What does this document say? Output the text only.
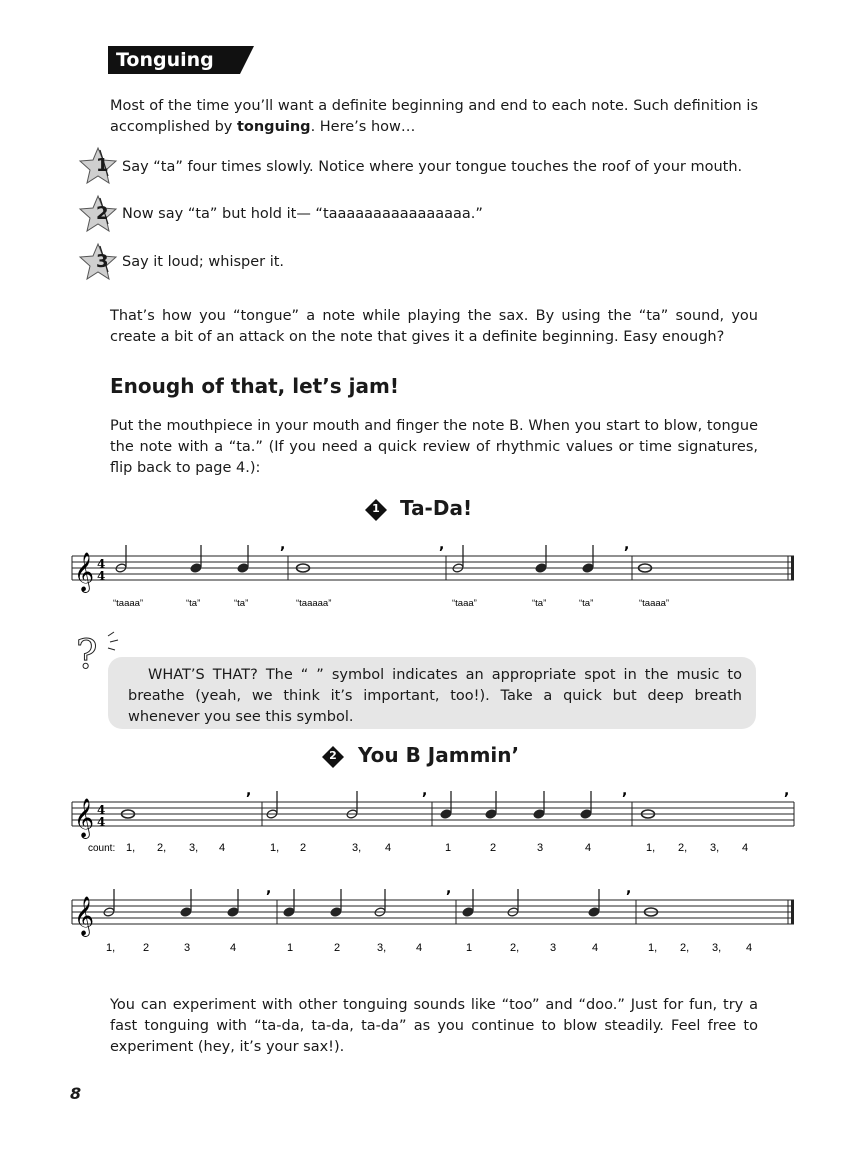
Tonguing
Most of the time you’ll want a definite beginning and end to each note. Such definition is accomplished by tonguing. Here’s how…
1 Say “ta” four times slowly. Notice where your tongue touches the roof of your mouth.
2 Now say “ta” but hold it— “taaaaaaaaaaaaaaaa.”
3 Say it loud; whisper it.
That’s how you “tongue” a note while playing the sax. By using the “ta” sound, you create a bit of an attack on the note that gives it a definite beginning. Easy enough?
Enough of that, let’s jam!
Put the mouthpiece in your mouth and finger the note B. When you start to blow, tongue the note with a “ta.” (If you need a quick review of rhythmic values or time signatures, flip back to page 4.):
1	Ta-Da!
𝄞 4
4
,	,	,
“taaaa”	“ta”	“ta”	“taaaaa”	“taaa”	“ta”	“ta”	“taaaa”
?	WHAT’S THAT? The “ ” symbol indicates an appropriate spot in the music to breathe (yeah, we think it’s important, too!). Take a quick but deep breath whenever you see this symbol.
2	You B Jammin’
𝄞 4
4
,	,	,	,
count: 1, 2, 3, 4	1, 2	3, 4	1	2	3	4	1, 2, 3, 4
𝄞
,	,	,
1,	2	3	4	1	2	3,	4	1	2,	3	4	1, 2, 3, 4
You can experiment with other tonguing sounds like “too” and “doo.” Just for fun, try a fast tonguing with “ta-da, ta-da, ta-da” as you continue to blow steadily. Feel free to experiment (hey, it’s your sax!).
8
